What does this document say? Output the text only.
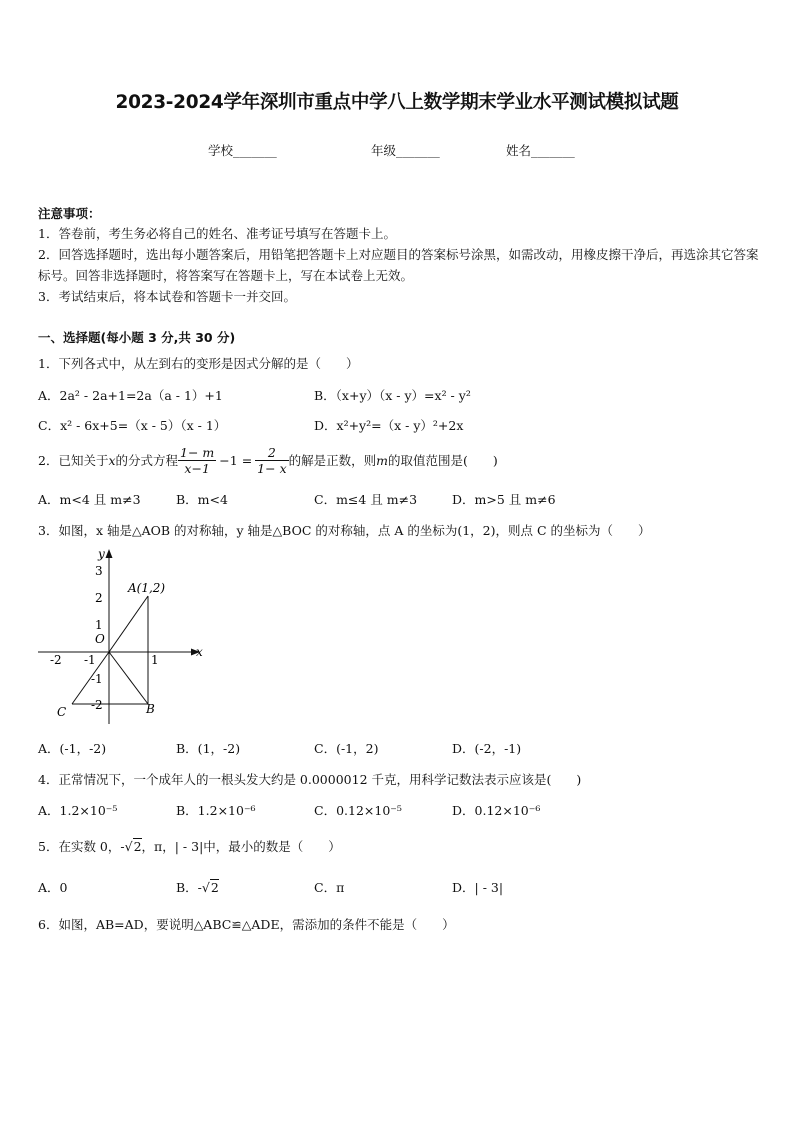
2023-2024学年深圳市重点中学八上数学期末学业水平测试模拟试题
学校_______	年级_______	姓名_______
注意事项：
1．答卷前，考生务必将自己的姓名、准考证号填写在答题卡上。
2．回答选择题时，选出每小题答案后，用铅笔把答题卡上对应题目的答案标号涂黑，如需改动，用橡皮擦干净后，再选涂其它答案标号。回答非选择题时，将答案写在答题卡上，写在本试卷上无效。
3．考试结束后，将本试卷和答题卡一并交回。
一、选择题(每小题 3 分,共 30 分)
1．下列各式中，从左到右的变形是因式分解的是（　　）
A．2a² - 2a+1=2a（a - 1）+1	B．（x+y）（x - y）=x² - y²
C．x² - 6x+5=（x - 5）（x - 1）	D．x²+y²=（x - y）²+2x
2．已知关于 x 的分式方程 $\frac{1- m}{x-1} -1 = \frac{2}{1- x}$ 的解是正数，则 m 的取值范围是(　　)
A．m<4 且 m≠3	B．m<4	C．m≤4 且 m≠3	D．m>5 且 m≠6
3．如图，x 轴是△AOB 的对称轴，y 轴是△BOC 的对称轴，点 A 的坐标为(1，2)，则点 C 的坐标为（　　）
y
x
O
A(1,2)
B
C
3
2
1
-1
-2
-2 -1	1
A．(-1，-2)	B．(1，-2)	C．(-1，2)	D．(-2，-1)
4．正常情况下，一个成年人的一根头发大约是 0.0000012 千克，用科学记数法表示应该是(　　)
A．1.2×10⁻⁵	B．1.2×10⁻⁶	C．0.12×10⁻⁵	D．0.12×10⁻⁶
5．在实数 0，-√2，π，| - 3|中，最小的数是（　　）
A．0	B．-√2	C．π	D．| - 3|
6．如图，AB=AD，要说明△ABC≌△ADE，需添加的条件不能是（　　）
